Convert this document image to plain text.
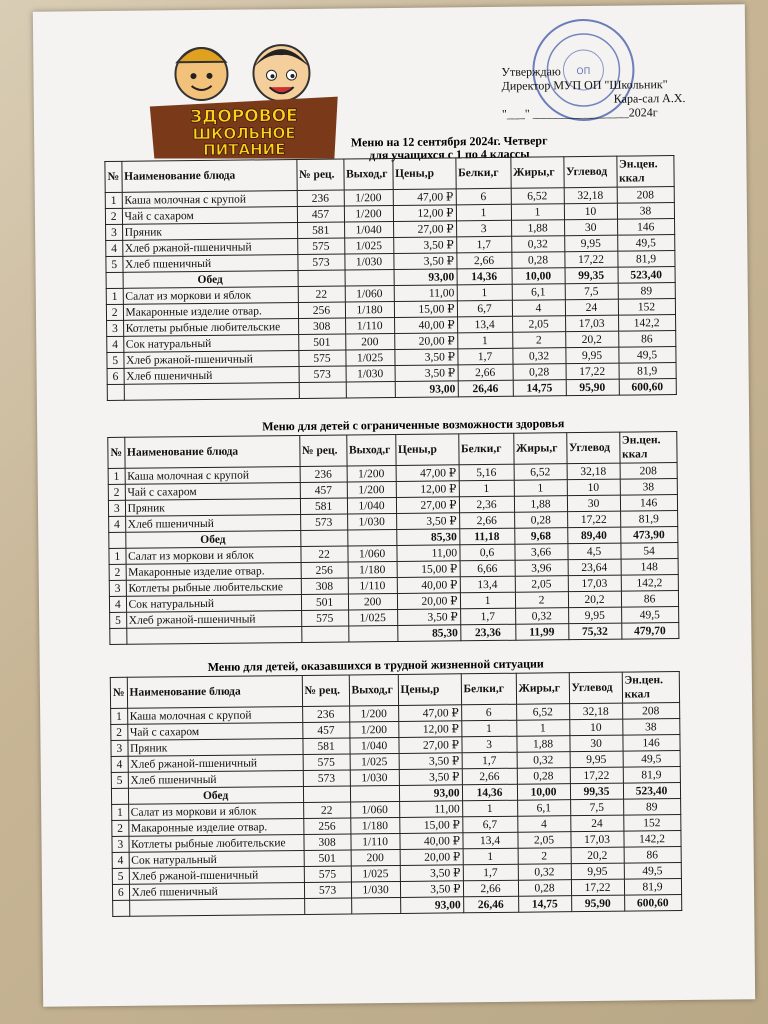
ЗДОРОВОЕ
ШКОЛЬНОЕ
ПИТАНИЕ
ОП
Утверждаю
Директор МУП ОП "Школьник"
Кара-сал А.Х.
"___" ________________2024г
Меню на 12 сентября 2024г. Четверг
для учащихся с 1 по 4 классы
Меню для детей с ограниченные возможности здоровья
Меню для детей, оказавшихся в трудной жизненной ситуации
№	Наименование блюда	№ рец.	Выход,г	Цены,р	Белки,г	Жиры,г	Углевод	Эн.цен. ккал
1	Каша молочная с крупой	236	1/200	47,00 ₽	6	6,52	32,18	208
2	Чай с сахаром	457	1/200	12,00 ₽	1	1	10	38
3	Пряник	581	1/040	27,00 ₽	3	1,88	30	146
4	Хлеб ржаной-пшеничный	575	1/025	3,50 ₽	1,7	0,32	9,95	49,5
5	Хлеб пшеничный	573	1/030	3,50 ₽	2,66	0,28	17,22	81,9
	Обед			93,00	14,36	10,00	99,35	523,40
1	Салат из моркови и яблок	22	1/060	11,00	1	6,1	7,5	89
2	Макаронные изделие отвар.	256	1/180	15,00 ₽	6,7	4	24	152
3	Котлеты рыбные любительские	308	1/110	40,00 ₽	13,4	2,05	17,03	142,2
4	Сок натуральный	501	200	20,00 ₽	1	2	20,2	86
5	Хлеб ржаной-пшеничный	575	1/025	3,50 ₽	1,7	0,32	9,95	49,5
6	Хлеб пшеничный	573	1/030	3,50 ₽	2,66	0,28	17,22	81,9
				93,00	26,46	14,75	95,90	600,60
№	Наименование блюда	№ рец.	Выход,г	Цены,р	Белки,г	Жиры,г	Углевод	Эн.цен. ккал
1	Каша молочная с крупой	236	1/200	47,00 ₽	5,16	6,52	32,18	208
2	Чай с сахаром	457	1/200	12,00 ₽	1	1	10	38
3	Пряник	581	1/040	27,00 ₽	2,36	1,88	30	146
4	Хлеб пшеничный	573	1/030	3,50 ₽	2,66	0,28	17,22	81,9
	Обед			85,30	11,18	9,68	89,40	473,90
1	Салат из моркови и яблок	22	1/060	11,00	0,6	3,66	4,5	54
2	Макаронные изделие отвар.	256	1/180	15,00 ₽	6,66	3,96	23,64	148
3	Котлеты рыбные любительские	308	1/110	40,00 ₽	13,4	2,05	17,03	142,2
4	Сок натуральный	501	200	20,00 ₽	1	2	20,2	86
5	Хлеб ржаной-пшеничный	575	1/025	3,50 ₽	1,7	0,32	9,95	49,5
				85,30	23,36	11,99	75,32	479,70
№	Наименование блюда	№ рец.	Выход,г	Цены,р	Белки,г	Жиры,г	Углевод	Эн.цен. ккал
1	Каша молочная с крупой	236	1/200	47,00 ₽	6	6,52	32,18	208
2	Чай с сахаром	457	1/200	12,00 ₽	1	1	10	38
3	Пряник	581	1/040	27,00 ₽	3	1,88	30	146
4	Хлеб ржаной-пшеничный	575	1/025	3,50 ₽	1,7	0,32	9,95	49,5
5	Хлеб пшеничный	573	1/030	3,50 ₽	2,66	0,28	17,22	81,9
	Обед			93,00	14,36	10,00	99,35	523,40
1	Салат из моркови и яблок	22	1/060	11,00	1	6,1	7,5	89
2	Макаронные изделие отвар.	256	1/180	15,00 ₽	6,7	4	24	152
3	Котлеты рыбные любительские	308	1/110	40,00 ₽	13,4	2,05	17,03	142,2
4	Сок натуральный	501	200	20,00 ₽	1	2	20,2	86
5	Хлеб ржаной-пшеничный	575	1/025	3,50 ₽	1,7	0,32	9,95	49,5
6	Хлеб пшеничный	573	1/030	3,50 ₽	2,66	0,28	17,22	81,9
				93,00	26,46	14,75	95,90	600,60
